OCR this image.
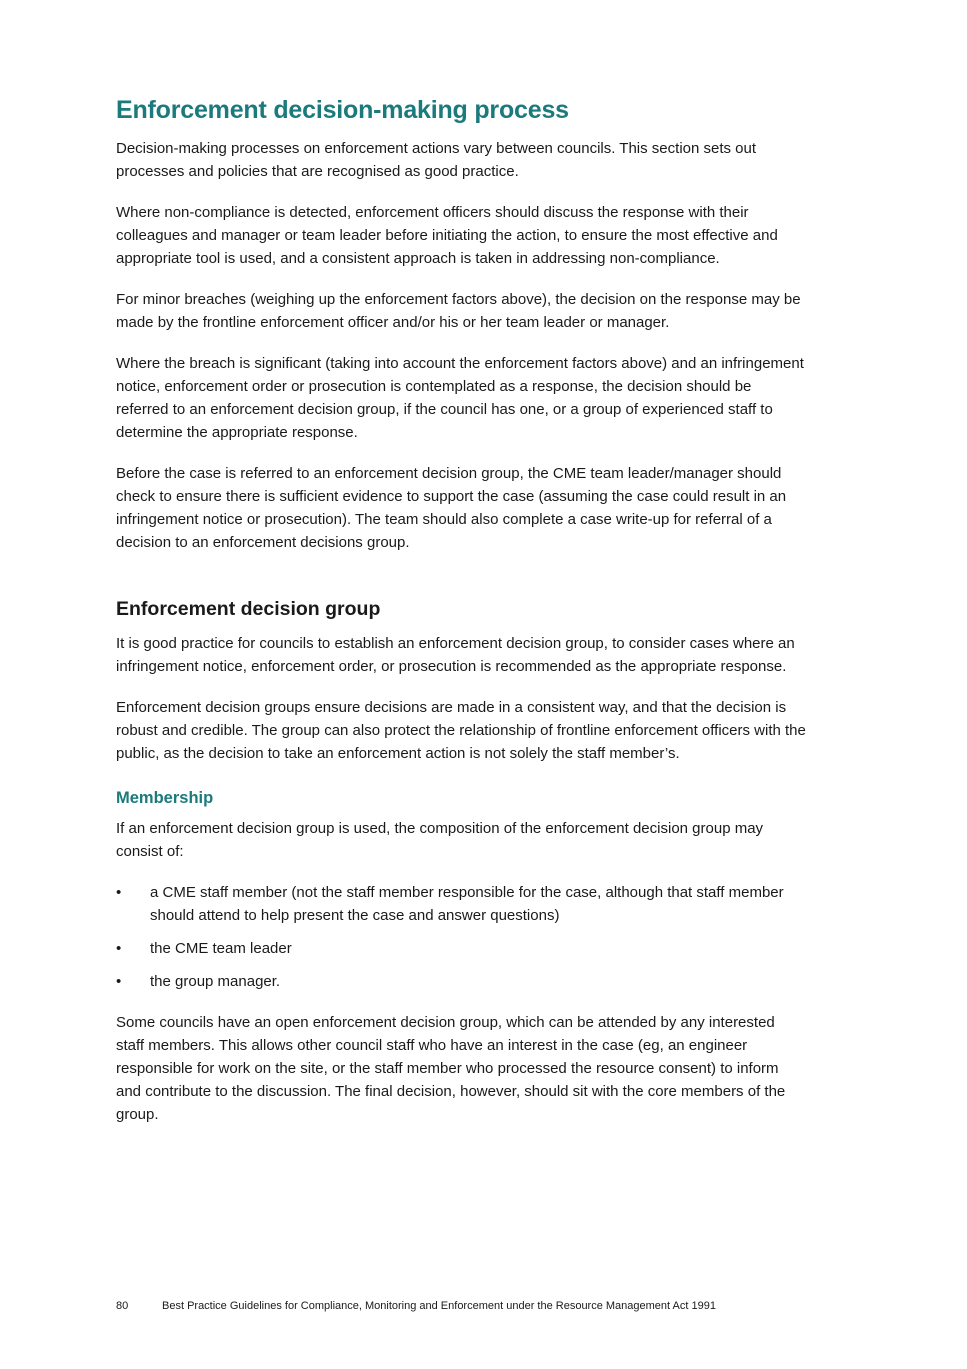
Enforcement decision-making process

Decision-making processes on enforcement actions vary between councils. This section sets out processes and policies that are recognised as good practice.

Where non-compliance is detected, enforcement officers should discuss the response with their colleagues and manager or team leader before initiating the action, to ensure the most effective and appropriate tool is used, and a consistent approach is taken in addressing non-compliance.

For minor breaches (weighing up the enforcement factors above), the decision on the response may be made by the frontline enforcement officer and/or his or her team leader or manager.

Where the breach is significant (taking into account the enforcement factors above) and an infringement notice, enforcement order or prosecution is contemplated as a response, the decision should be referred to an enforcement decision group, if the council has one, or a group of experienced staff to determine the appropriate response.

Before the case is referred to an enforcement decision group, the CME team leader/manager should check to ensure there is sufficient evidence to support the case (assuming the case could result in an infringement notice or prosecution). The team should also complete a case write-up for referral of a decision to an enforcement decisions group.

Enforcement decision group

It is good practice for councils to establish an enforcement decision group, to consider cases where an infringement notice, enforcement order, or prosecution is recommended as the appropriate response.

Enforcement decision groups ensure decisions are made in a consistent way, and that the decision is robust and credible. The group can also protect the relationship of frontline enforcement officers with the public, as the decision to take an enforcement action is not solely the staff member’s.

Membership

If an enforcement decision group is used, the composition of the enforcement decision group may consist of:

• a CME staff member (not the staff member responsible for the case, although that staff member should attend to help present the case and answer questions)
• the CME team leader
• the group manager.

Some councils have an open enforcement decision group, which can be attended by any interested staff members. This allows other council staff who have an interest in the case (eg, an engineer responsible for work on the site, or the staff member who processed the resource consent) to inform and contribute to the discussion. The final decision, however, should sit with the core members of the group.

80	Best Practice Guidelines for Compliance, Monitoring and Enforcement under the Resource Management Act 1991
